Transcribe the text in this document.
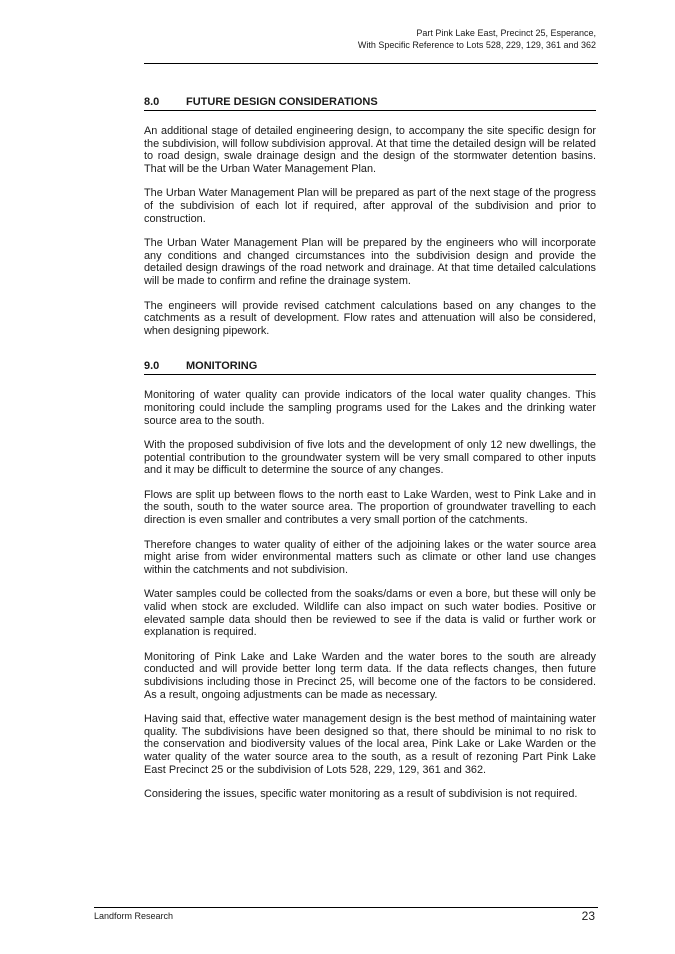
Part Pink Lake East, Precinct 25, Esperance,
With Specific Reference to Lots 528, 229, 129, 361 and 362
8.0	FUTURE DESIGN CONSIDERATIONS

An additional stage of detailed engineering design, to accompany the site specific design for the subdivision, will follow subdivision approval. At that time the detailed design will be related to road design, swale drainage design and the design of the stormwater detention basins. That will be the Urban Water Management Plan.

The Urban Water Management Plan will be prepared as part of the next stage of the progress of the subdivision of each lot if required, after approval of the subdivision and prior to construction.

The Urban Water Management Plan will be prepared by the engineers who will incorporate any conditions and changed circumstances into the subdivision design and provide the detailed design drawings of the road network and drainage. At that time detailed calculations will be made to confirm and refine the drainage system.

The engineers will provide revised catchment calculations based on any changes to the catchments as a result of development. Flow rates and attenuation will also be considered, when designing pipework.

9.0	MONITORING

Monitoring of water quality can provide indicators of the local water quality changes. This monitoring could include the sampling programs used for the Lakes and the drinking water source area to the south.

With the proposed subdivision of five lots and the development of only 12 new dwellings, the potential contribution to the groundwater system will be very small compared to other inputs and it may be difficult to determine the source of any changes.

Flows are split up between flows to the north east to Lake Warden, west to Pink Lake and in the south, south to the water source area. The proportion of groundwater travelling to each direction is even smaller and contributes a very small portion of the catchments.

Therefore changes to water quality of either of the adjoining lakes or the water source area might arise from wider environmental matters such as climate or other land use changes within the catchments and not subdivision.

Water samples could be collected from the soaks/dams or even a bore, but these will only be valid when stock are excluded. Wildlife can also impact on such water bodies. Positive or elevated sample data should then be reviewed to see if the data is valid or further work or explanation is required.

Monitoring of Pink Lake and Lake Warden and the water bores to the south are already conducted and will provide better long term data. If the data reflects changes, then future subdivisions including those in Precinct 25, will become one of the factors to be considered. As a result, ongoing adjustments can be made as necessary.

Having said that, effective water management design is the best method of maintaining water quality. The subdivisions have been designed so that, there should be minimal to no risk to the conservation and biodiversity values of the local area, Pink Lake or Lake Warden or the water quality of the water source area to the south, as a result of rezoning Part Pink Lake East Precinct 25 or the subdivision of Lots 528, 229, 129, 361 and 362.

Considering the issues, specific water monitoring as a result of subdivision is not required.

Landform Research	23
